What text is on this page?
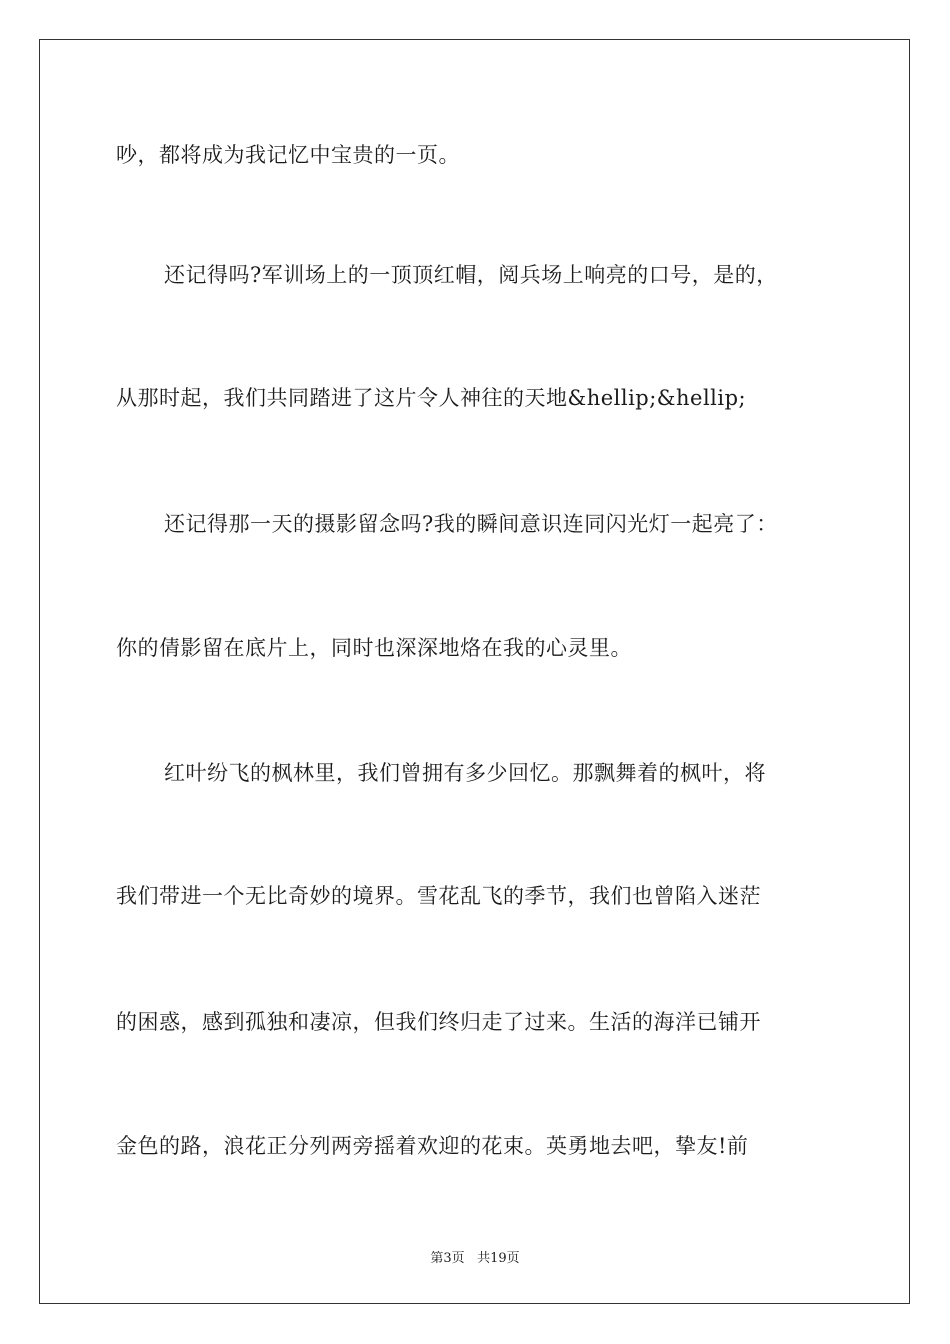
吵，都将成为我记忆中宝贵的一页。
还记得吗?军训场上的一顶顶红帽，阅兵场上响亮的口号，是的，
从那时起，我们共同踏进了这片令人神往的天地&hellip;&hellip;
还记得那一天的摄影留念吗?我的瞬间意识连同闪光灯一起亮了：
你的倩影留在底片上，同时也深深地烙在我的心灵里。
红叶纷飞的枫林里，我们曾拥有多少回忆。那飘舞着的枫叶，将
我们带进一个无比奇妙的境界。雪花乱飞的季节，我们也曾陷入迷茫
的困惑，感到孤独和凄凉，但我们终归走了过来。生活的海洋已铺开
金色的路，浪花正分列两旁摇着欢迎的花束。英勇地去吧，挚友!前
第3页 共19页
